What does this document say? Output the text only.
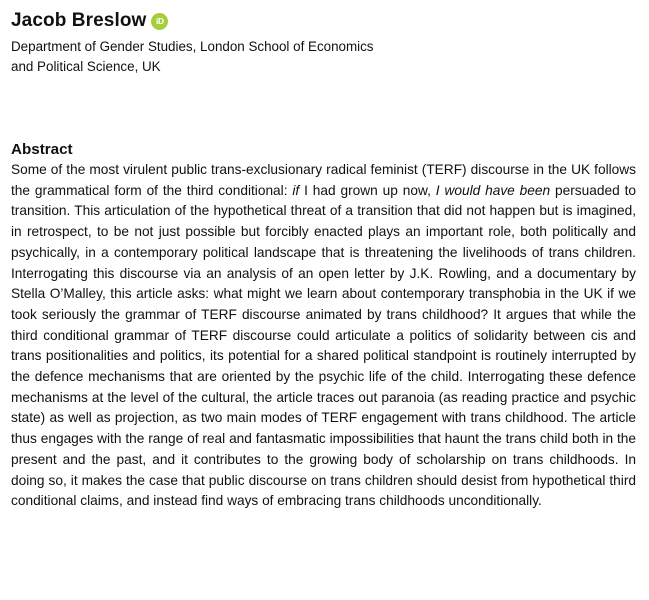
Jacob Breslow	iD
Department of Gender Studies, London School of Economics
and Political Science, UK
Abstract
Some of the most virulent public trans-exclusionary radical feminist (TERF) discourse in the UK follows the grammatical form of the third conditional: if I had grown up now, I would have been persuaded to transition. This articulation of the hypothetical threat of a transition that did not happen but is imagined, in retrospect, to be not just possible but forcibly enacted plays an important role, both politically and psychically, in a contemporary political landscape that is threatening the livelihoods of trans children. Interrogating this discourse via an analysis of an open letter by J.K. Rowling, and a documentary by Stella O’Malley, this article asks: what might we learn about contemporary transphobia in the UK if we took seriously the grammar of TERF discourse animated by trans childhood? It argues that while the third conditional grammar of TERF discourse could articulate a politics of solidarity between cis and trans positionalities and politics, its potential for a shared political standpoint is routinely interrupted by the defence mechanisms that are oriented by the psychic life of the child. Interrogating these defence mechanisms at the level of the cultural, the article traces out paranoia (as reading practice and psychic state) as well as projection, as two main modes of TERF engagement with trans childhood. The article thus engages with the range of real and fantasmatic impossibilities that haunt the trans child both in the present and the past, and it contributes to the growing body of scholarship on trans childhoods. In doing so, it makes the case that public discourse on trans children should desist from hypothetical third conditional claims, and instead find ways of embracing trans childhoods unconditionally.
